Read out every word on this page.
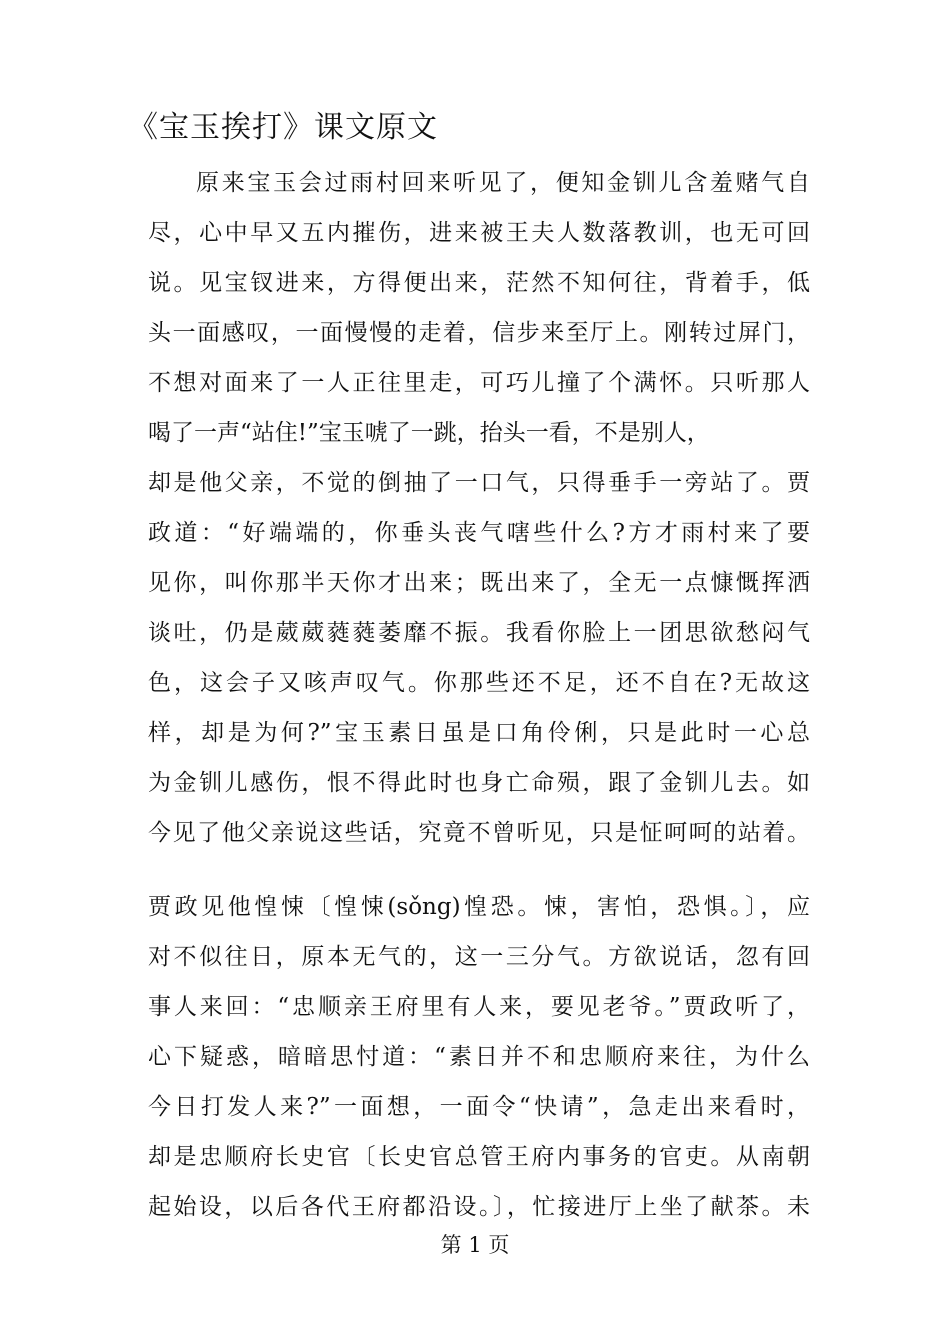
《宝玉挨打》课文原文
原来宝玉会过雨村回来听见了，便知金钏儿含羞赌气自
尽，心中早又五内摧伤，进来被王夫人数落教训，也无可回
说。见宝钗进来，方得便出来，茫然不知何往，背着手，低
头一面感叹，一面慢慢的走着，信步来至厅上。刚转过屏门，
不想对面来了一人正往里走，可巧儿撞了个满怀。只听那人
喝了一声“站住!”宝玉唬了一跳，抬头一看，不是别人，
却是他父亲，不觉的倒抽了一口气，只得垂手一旁站了。贾
政道：“好端端的，你垂头丧气嗐些什么?方才雨村来了要
见你，叫你那半天你才出来；既出来了，全无一点慷慨挥洒
谈吐，仍是葳葳蕤蕤萎靡不振。我看你脸上一团思欲愁闷气
色，这会子又咳声叹气。你那些还不足，还不自在?无故这
样，却是为何?”宝玉素日虽是口角伶俐，只是此时一心总
为金钏儿感伤，恨不得此时也身亡命殒，跟了金钏儿去。如
今见了他父亲说这些话，究竟不曾听见，只是怔呵呵的站着。
贾政见他惶悚〔惶悚(sǒng)惶恐。悚，害怕，恐惧。〕，应
对不似往日，原本无气的，这一三分气。方欲说话，忽有回
事人来回：“忠顺亲王府里有人来，要见老爷。”贾政听了，
心下疑惑，暗暗思忖道：“素日并不和忠顺府来往，为什么
今日打发人来?”一面想，一面令“快请”，急走出来看时，
却是忠顺府长史官〔长史官总管王府内事务的官吏。从南朝
起始设，以后各代王府都沿设。〕，忙接进厅上坐了献茶。未
第 1 页
